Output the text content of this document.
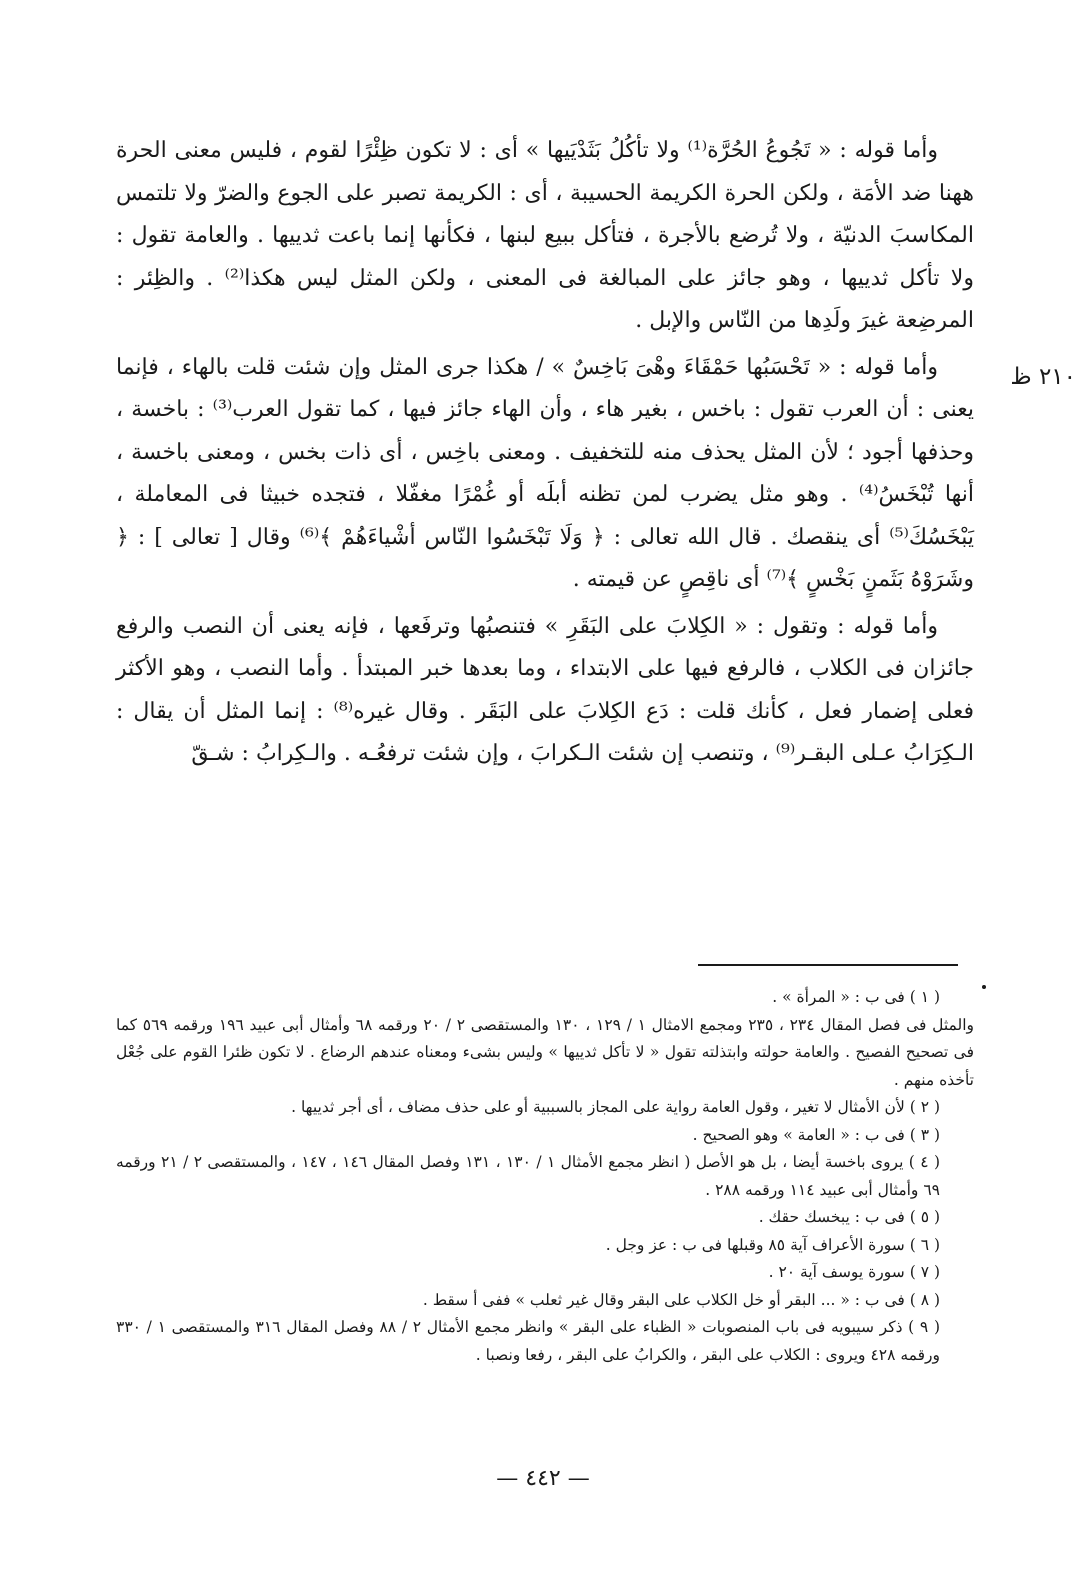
٢١٠ ظ

وأما قوله : « تَجُوعُ الحُرَّة⁽¹⁾ ولا تأكُلُ بَثَدْيَيها » أى : لا تكون ظِئْرًا لقوم ، فليس معنى الحرة ههنا ضد الأمَة ، ولكن الحرة الكريمة الحسيبة ، أى : الكريمة تصبر على الجوع والضرّ ولا تلتمس المكاسبَ الدنيّة ، ولا تُرضع بالأجرة ، فتأكل ببيع لبنها ، فكأنها إنما باعت ثدييها . والعامة تقول : ولا تأكل ثدييها ، وهو جائز على المبالغة فى المعنى ، ولكن المثل ليس هكذا⁽²⁾ . والظِئر : المرضِعة غيرَ ولَدِها من النّاس والإبل .

وأما قوله : « تَحْسَبُها حَمْقَاءَ وهْىَ بَاخِسٌ » / هكذا جرى المثل وإن شئت قلت بالهاء ، فإنما يعنى : أن العرب تقول : باخس ، بغير هاء ، وأن الهاء جائز فيها ، كما تقول العرب⁽³⁾ : باخسة ، وحذفها أجود ؛ لأن المثل يحذف منه للتخفيف . ومعنى باخِس ، أى ذات بخس ، ومعنى باخسة ، أنها تُبْخَسُ⁽⁴⁾ . وهو مثل يضرب لمن تظنه أبلَه أو غُمْرًا مغفّلا ، فتجده خبيثا فى المعاملة ، يَبْخَسُكَ⁽⁵⁾ أى ينقصك . قال الله تعالى : ﴿ وَلَا تَبْخَسُوا النّاس أشْياءَهُمْ ﴾⁽⁶⁾ وقال [ تعالى ] : ﴿ وشَرَوْهُ بَثَمنٍ بَخْسٍ ﴾⁽⁷⁾ أى ناقِصٍ عن قيمته .

وأما قوله : وتقول : « الكِلابَ على البَقَرِ » فتنصبُها وترفَعها ، فإنه يعنى أن النصب والرفع جائزان فى الكلاب ، فالرفع فيها على الابتداء ، وما بعدها خبر المبتدأ . وأما النصب ، وهو الأكثر فعلى إضمار فعل ، كأنك قلت : دَع الكِلابَ على البَقَر . وقال غيره⁽⁸⁾ : إنما المثل أن يقال : الـكِرَابُ عـلى البقـر⁽⁹⁾ ، وتنصب إن شئت الـكرابَ ، وإن شئت ترفعُـه . والـكِرابُ : شـقّ

( ١ ) فى ب : « المرأة » .

والمثل فى فصل المقال ٢٣٤ ، ٢٣٥ ومجمع الامثال ١ / ١٢٩ ، ١٣٠ والمستقصى ٢ / ٢٠ ورقمه ٦٨ وأمثال أبى عبيد ١٩٦ ورقمه ٥٦٩ كما فى تصحيح الفصيح . والعامة حولته وابتذلته تقول « لا تأكل ثدييها » وليس بشىء ومعناه عندهم الرضاع . لا تكون ظئرا القوم على جُعْل تأخذه منهم .

( ٢ ) لأن الأمثال لا تغير ، وقول العامة رواية على المجاز بالسببية أو على حذف مضاف ، أى أجر ثدييها .

( ٣ ) فى ب : « العامة » وهو الصحيح .

( ٤ ) يروى باخسة أيضا ، بل هو الأصل ( انظر مجمع الأمثال ١ / ١٣٠ ، ١٣١ وفصل المقال ١٤٦ ، ١٤٧ ، والمستقصى ٢ / ٢١ ورقمه ٦٩ وأمثال أبى عبيد ١١٤ ورقمه ٢٨٨ .

( ٥ ) فى ب : يبخسك حقك .

( ٦ ) سورة الأعراف آية ٨٥ وقبلها فى ب : عز وجل .

( ٧ ) سورة يوسف آية ٢٠ .

( ٨ ) فى ب : « ... البقر أو خل الكلاب على البقر وقال غير ثعلب » ففى أ سقط .

( ٩ ) ذكر سيبويه فى باب المنصوبات « الظباء على البقر » وانظر مجمع الأمثال ٢ / ٨٨ وفصل المقال ٣١٦ والمستقصى ١ / ٣٣٠ ورقمه ٤٢٨ ويروى : الكلاب على البقر ، والكرابُ على البقر ، رفعا ونصبا .

— ٤٤٢ —
